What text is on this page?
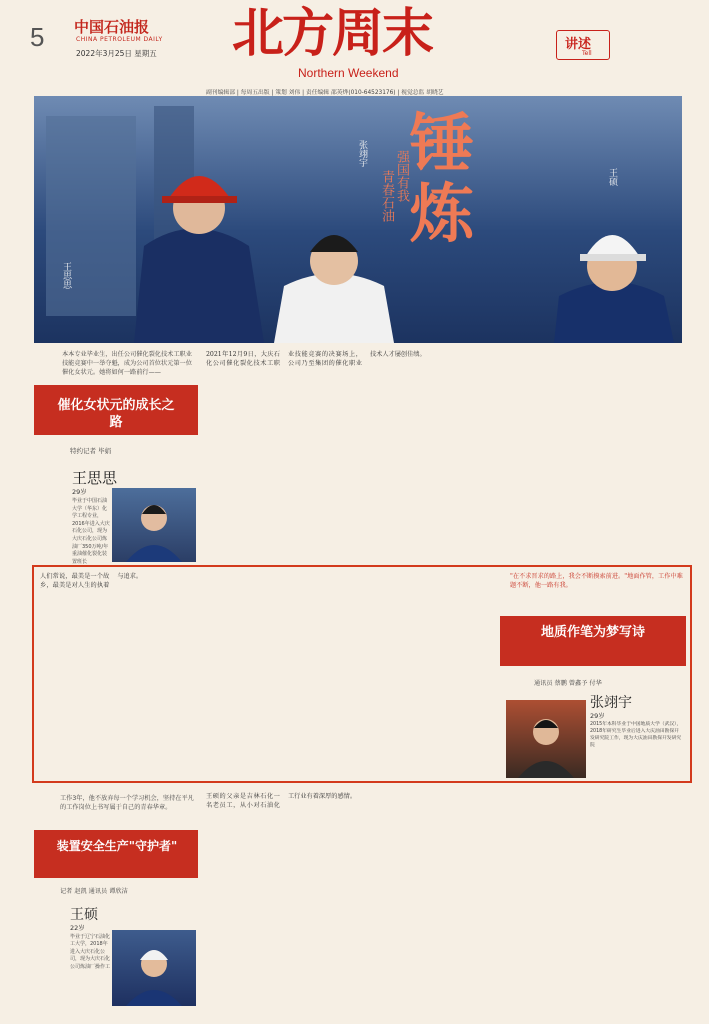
5 中国石油报
CHINA PETROLEUM DAILY
2022年3月25日 星期五 北方周末
Northern Weekend
讲述
Tell
副刊编辑部 | 每周五出版 | 策划 刘伟 | 责任编辑 邵英烨(010-64523176) | 视觉总监 胡晓艺
王思思
张翊宇
王硕
锤炼
强国有我
青春石油
本本专业毕业生，出任公司催化裂化技术工职业技能竞赛中一举夺魁，成为公司首位状元第一位催化女状元。她将如何一路前行——
催化女状元的成长之路
特约记者 毕娟
王思思
29岁
毕业于中国石油大学（华东）化学工程专业，2016年进入大庆石化公司，现为大庆石化公司炼油厂350万吨/年重油催化裂化装置班长
2021年12月9日，大庆石化公司催化裂化技术工职业技能竞赛的决赛场上，公司乃至集团的催化职业技术人才屡创佳绩。
人们常说，最美是一个故乡，最美是对人生的执着与追求。	"在不求晋求的路上，我会不断摸索前进。"地面作管，工作中难题不断，他一路有我。
地质作笔为梦写诗
通讯员 蔡鹏 曾鑫予 付华
张翊宇
29岁
2015年本科毕业于中国地质大学（武汉），2018年研究生毕业后进入大庆油田勘探开发研究院工作，现为大庆油田勘探开发研究院
工作3年，他不放弃每一个学习机会，坚持在平凡的工作岗位上书写属于自己的青春华章。
装置安全生产"守护者"
记者 赵凯 通讯员 谭欣洁
王硕
22岁
毕业于辽宁石油化工大学，2018年进入大庆石化公司，现为大庆石化公司炼油厂操作工
王硕的父亲是吉林石化一名老员工，从小对石油化工行业有着深厚的感情。
